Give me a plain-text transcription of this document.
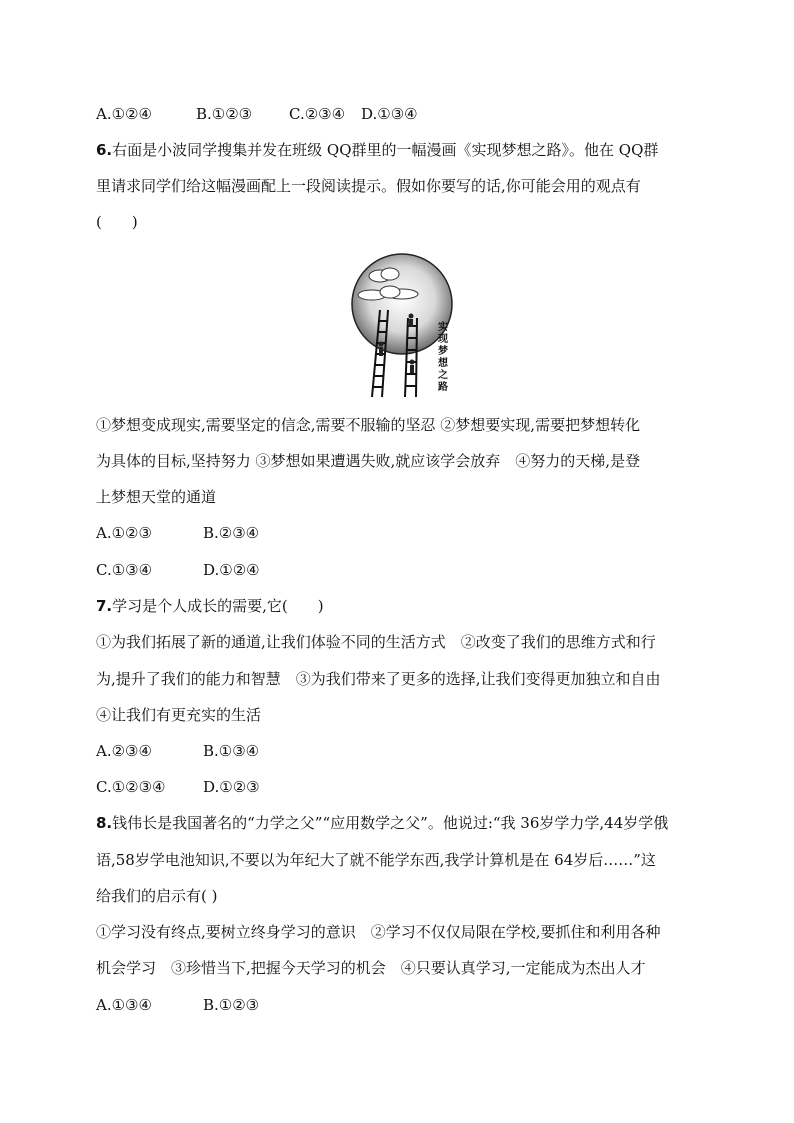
A.①②④	B.①②③ C.②③④ D.①③④
6.右面是小波同学搜集并发在班级 QQ群里的一幅漫画《实现梦想之路》。他在 QQ群
里请求同学们给这幅漫画配上一段阅读提示。假如你要写的话,你可能会用的观点有
(　　)
实
现
梦
想
之
路
①梦想变成现实,需要坚定的信念,需要不服输的坚忍 ②梦想要实现,需要把梦想转化
为具体的目标,坚持努力 ③梦想如果遭遇失败,就应该学会放弃　④努力的天梯,是登
上梦想天堂的通道
A.①②③	B.②③④
C.①③④	D.①②④
7.学习是个人成长的需要,它(　　)
①为我们拓展了新的通道,让我们体验不同的生活方式　②改变了我们的思维方式和行
为,提升了我们的能力和智慧　③为我们带来了更多的选择,让我们变得更加独立和自由
④让我们有更充实的生活
A.②③④	B.①③④
C.①②③④	D.①②③
8.钱伟长是我国著名的“力学之父”“应用数学之父”。他说过:“我 36岁学力学,44岁学俄
语,58岁学电池知识,不要以为年纪大了就不能学东西,我学计算机是在 64岁后……”这
给我们的启示有( )
①学习没有终点,要树立终身学习的意识　②学习不仅仅局限在学校,要抓住和利用各种
机会学习　③珍惜当下,把握今天学习的机会　④只要认真学习,一定能成为杰出人才
A.①③④	B.①②③
